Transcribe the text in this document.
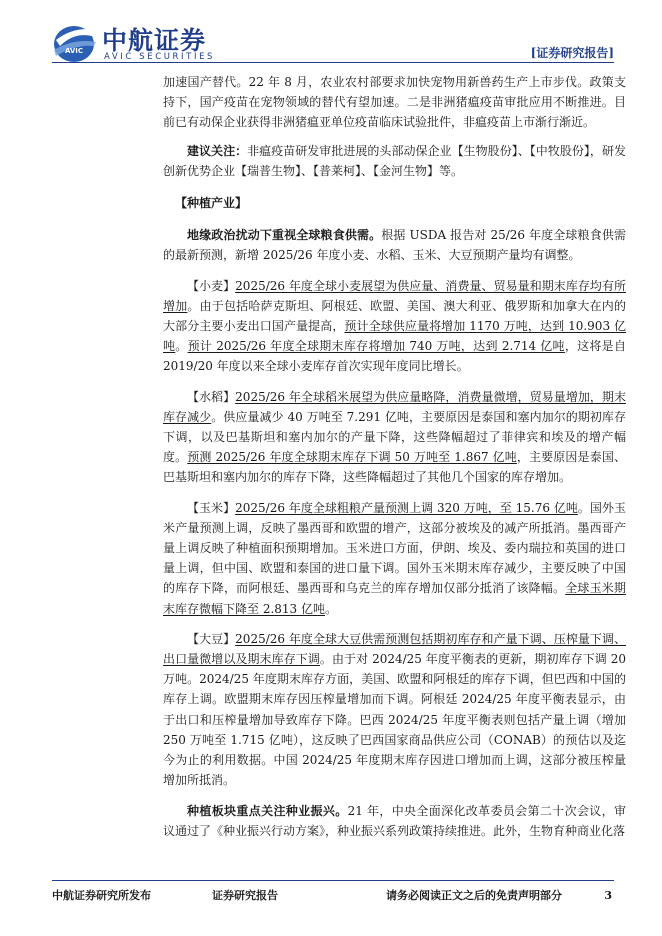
AVIC 中航证券
AVIC SECURITIES	[证券研究报告]

加速国产替代。22 年 8 月，农业农村部要求加快宠物用新兽药生产上市步伐。政策支持下，国产疫苗在宠物领域的替代有望加速。二是非洲猪瘟疫苗审批应用不断推进。目前已有动保企业获得非洲猪瘟亚单位疫苗临床试验批件，非瘟疫苗上市渐行渐近。

建议关注：非瘟疫苗研发审批进展的头部动保企业【生物股份】、【中牧股份】，研发创新优势企业【瑞普生物】、【普莱柯】、【金河生物】等。

【种植产业】

地缘政治扰动下重视全球粮食供需。根据 USDA 报告对 25/26 年度全球粮食供需的最新预测，新增 2025/26 年度小麦、水稻、玉米、大豆预期产量均有调整。

【小麦】2025/26 年度全球小麦展望为供应量、消费量、贸易量和期末库存均有所增加。由于包括哈萨克斯坦、阿根廷、欧盟、美国、澳大利亚、俄罗斯和加拿大在内的大部分主要小麦出口国产量提高，预计全球供应量将增加 1170 万吨，达到 10.903 亿吨。预计 2025/26 年度全球期末库存将增加 740 万吨，达到 2.714 亿吨，这将是自 2019/20 年度以来全球小麦库存首次实现年度同比增长。

【水稻】2025/26 年全球稻米展望为供应量略降，消费量微增，贸易量增加，期末库存减少。供应量减少 40 万吨至 7.291 亿吨，主要原因是泰国和塞内加尔的期初库存下调，以及巴基斯坦和塞内加尔的产量下降，这些降幅超过了菲律宾和埃及的增产幅度。预测 2025/26 年度全球期末库存下调 50 万吨至 1.867 亿吨，主要原因是泰国、巴基斯坦和塞内加尔的库存下降，这些降幅超过了其他几个国家的库存增加。

【玉米】2025/26 年度全球粗粮产量预测上调 320 万吨，至 15.76 亿吨。国外玉米产量预测上调，反映了墨西哥和欧盟的增产，这部分被埃及的减产所抵消。墨西哥产量上调反映了种植面积预期增加。玉米进口方面，伊朗、埃及、委内瑞拉和英国的进口量上调，但中国、欧盟和泰国的进口量下调。国外玉米期末库存减少，主要反映了中国的库存下降，而阿根廷、墨西哥和乌克兰的库存增加仅部分抵消了该降幅。全球玉米期末库存微幅下降至 2.813 亿吨。

【大豆】2025/26 年度全球大豆供需预测包括期初库存和产量下调、压榨量下调、出口量微增以及期末库存下调。由于对 2024/25 年度平衡表的更新，期初库存下调 20 万吨。2024/25 年度期末库存方面，美国、欧盟和阿根廷的库存下调，但巴西和中国的库存上调。欧盟期末库存因压榨量增加而下调。阿根廷 2024/25 年度平衡表显示，由于出口和压榨量增加导致库存下降。巴西 2024/25 年度平衡表则包括产量上调（增加 250 万吨至 1.715 亿吨），这反映了巴西国家商品供应公司（CONAB）的预估以及迄今为止的利用数据。中国 2024/25 年度期末库存因进口增加而上调，这部分被压榨量增加所抵消。

种植板块重点关注种业振兴。21 年，中央全面深化改革委员会第二十次会议，审议通过了《种业振兴行动方案》，种业振兴系列政策持续推进。此外，生物育种商业化落

中航证券研究所发布	证券研究报告	请务必阅读正文之后的免责声明部分	3
